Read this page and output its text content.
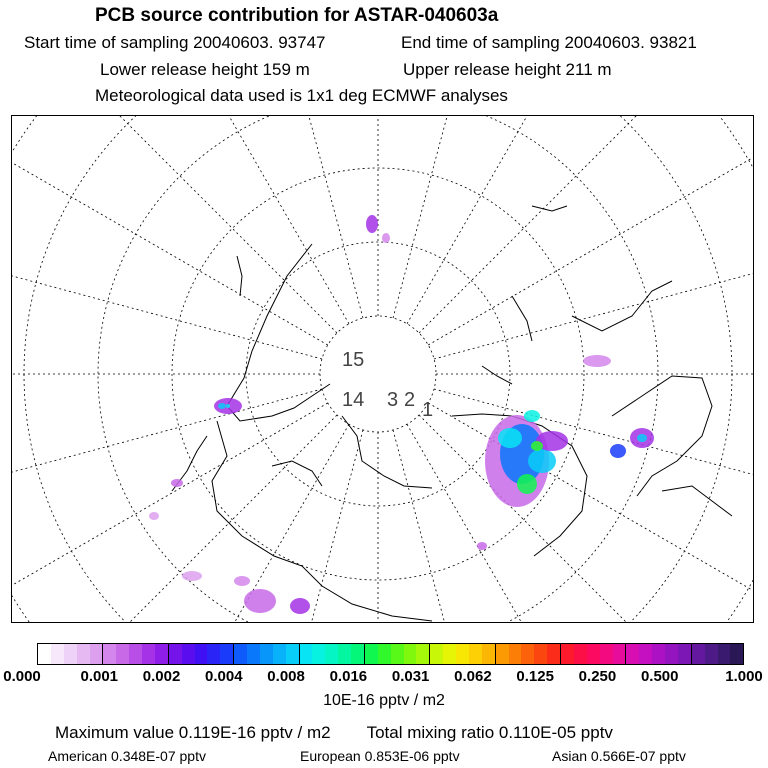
PCB source contribution for ASTAR-040603a
Start time of sampling 20040603. 93747	End time of sampling 20040603. 93821
Lower release height 159 m	Upper release height 211 m
Meteorological data used is 1x1 deg ECMWF analyses
15
14 3 2 1
0.000	0.001 0.002 0.004 0.008 0.016 0.031 0.062 0.125 0.250 0.500	1.000
10E-16 pptv / m2
Maximum value 0.119E-16 pptv / m2 Total mixing ratio 0.110E-05 pptv
American 0.348E-07 pptv	European 0.853E-06 pptv	Asian 0.566E-07 pptv
